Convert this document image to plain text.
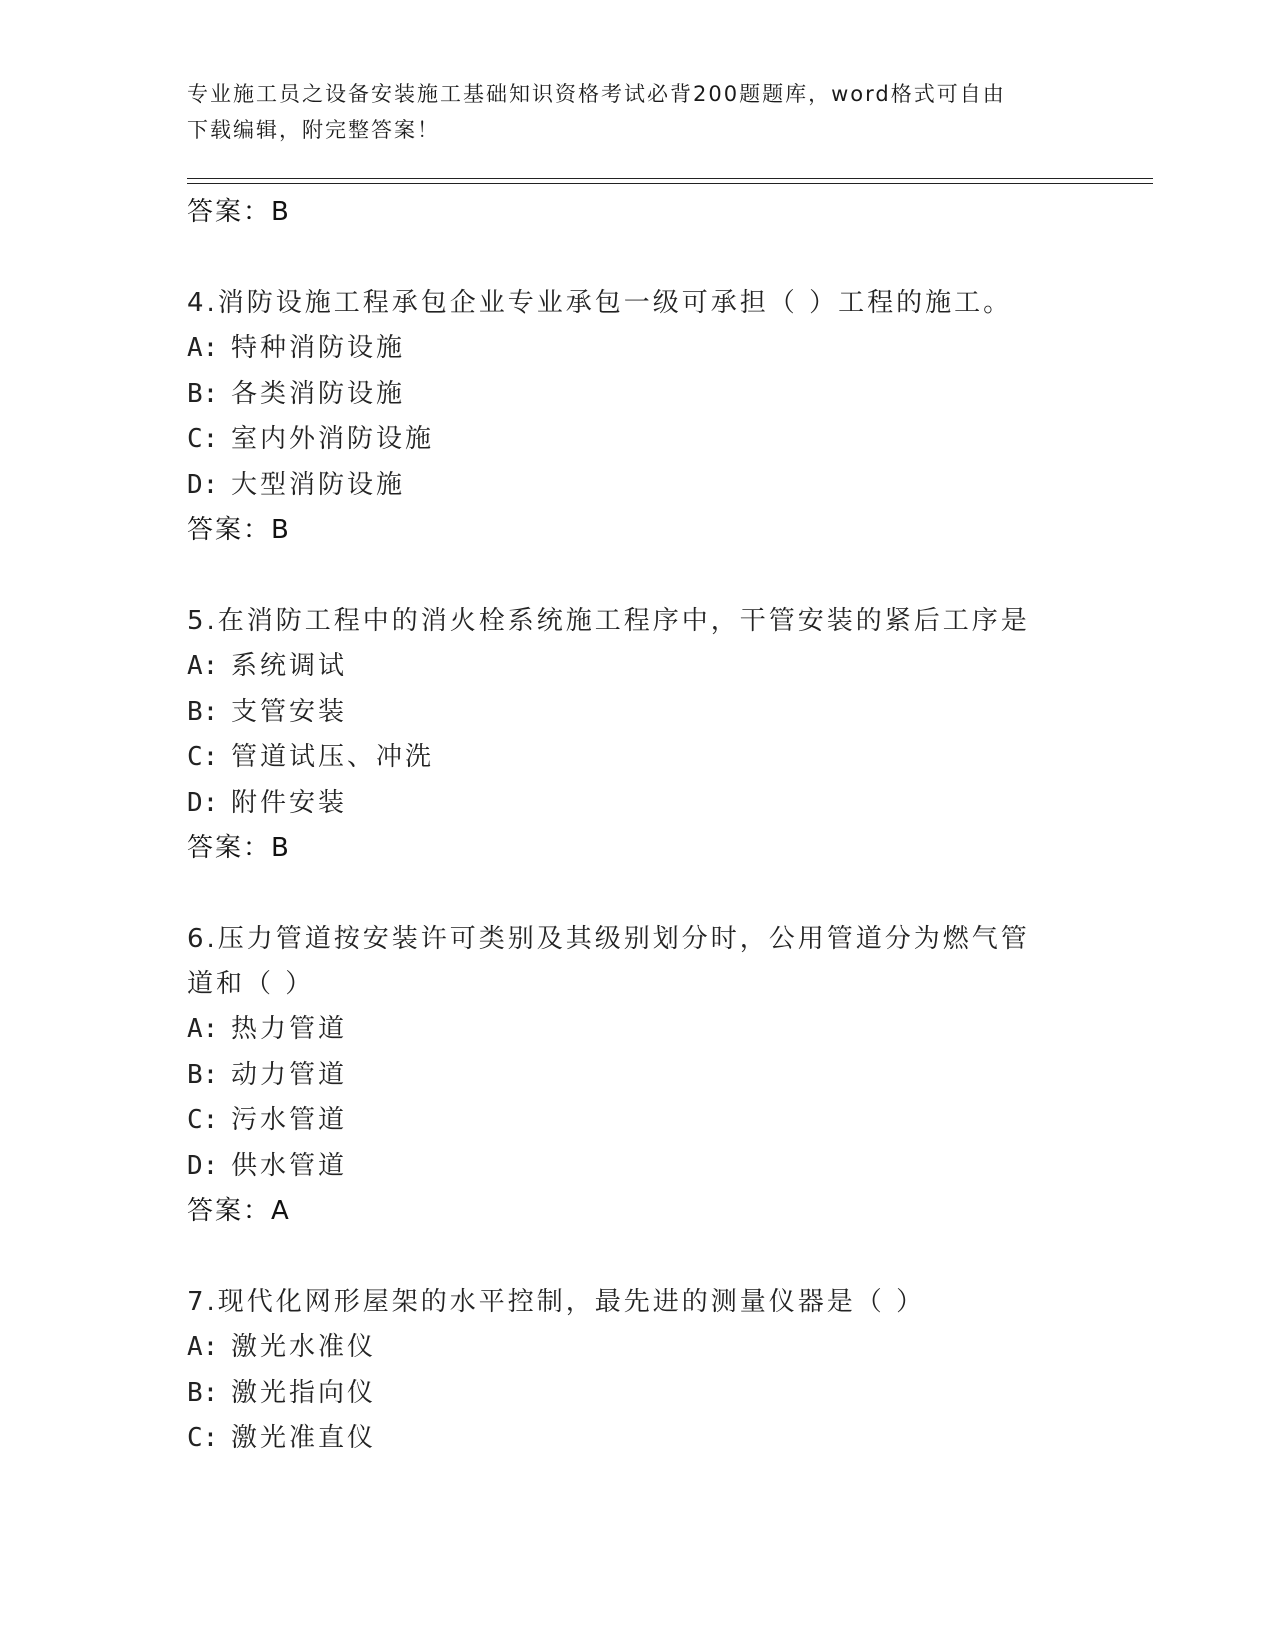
专业施工员之设备安装施工基础知识资格考试必背200题题库，word格式可自由
下载编辑，附完整答案！
答案：B
4.消防设施工程承包企业专业承包一级可承担（ ）工程的施工。
A: 特种消防设施
B: 各类消防设施
C: 室内外消防设施
D: 大型消防设施
答案：B
5.在消防工程中的消火栓系统施工程序中，干管安装的紧后工序是
A: 系统调试
B: 支管安装
C: 管道试压、冲洗
D: 附件安装
答案：B
6.压力管道按安装许可类别及其级别划分时，公用管道分为燃气管道和（ ）
A: 热力管道
B: 动力管道
C: 污水管道
D: 供水管道
答案：A
7.现代化网形屋架的水平控制，最先进的测量仪器是（ ）
A: 激光水准仪
B: 激光指向仪
C: 激光准直仪
